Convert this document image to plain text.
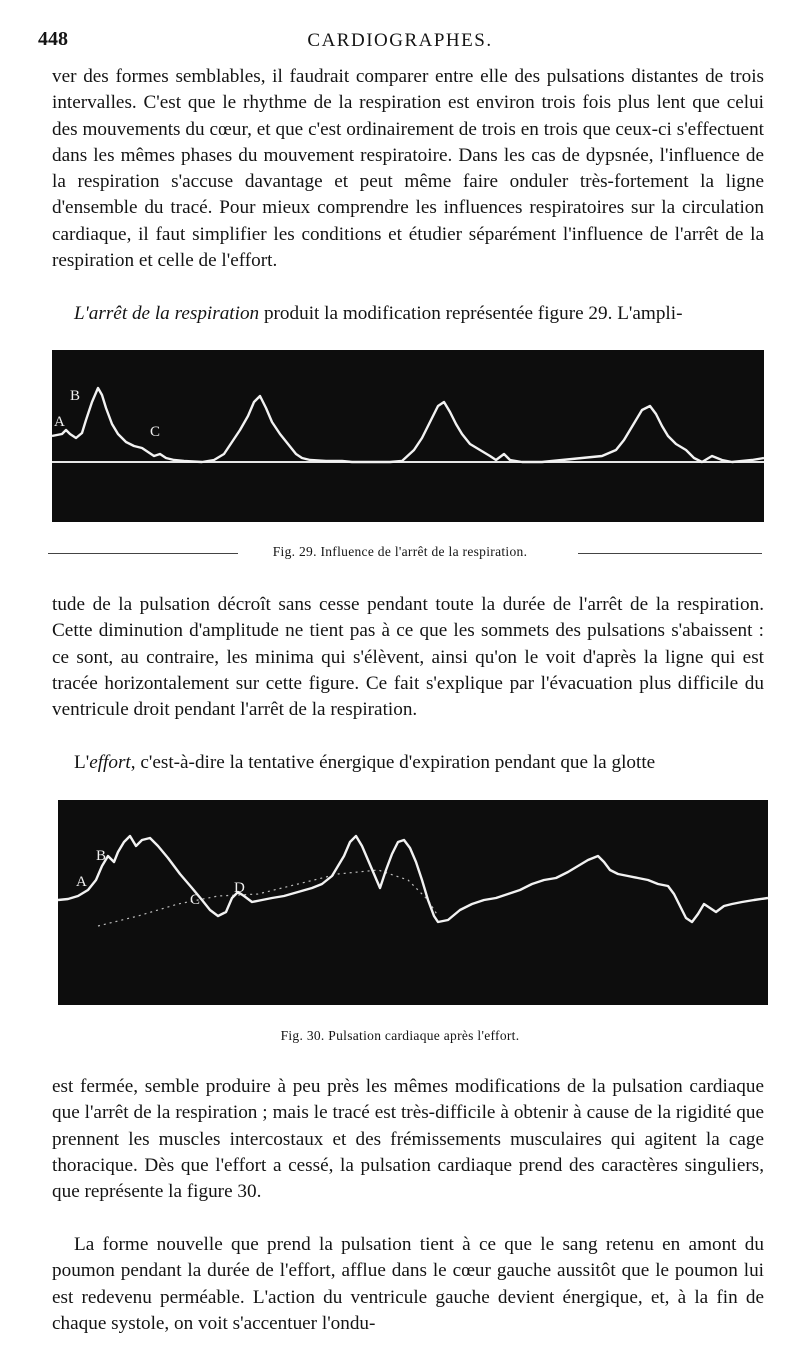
448	CARDIOGRAPHES.

ver des formes semblables, il faudrait comparer entre elle des pulsations distantes de trois intervalles. C'est que le rhythme de la respiration est environ trois fois plus lent que celui des mouvements du cœur, et que c'est ordinairement de trois en trois que ceux-ci s'effectuent dans les mêmes phases du mouvement respiratoire. Dans les cas de dypsnée, l'influence de la respiration s'accuse davantage et peut même faire onduler très-fortement la ligne d'ensemble du tracé. Pour mieux comprendre les influences respiratoires sur la circulation cardiaque, il faut simplifier les conditions et étudier séparément l'influence de l'arrêt de la respiration et celle de l'effort.

L'arrêt de la respiration produit la modification représentée figure 29. L'ampli-

A
B
C
Fig. 29. Influence de l'arrêt de la respiration.

tude de la pulsation décroît sans cesse pendant toute la durée de l'arrêt de la respiration. Cette diminution d'amplitude ne tient pas à ce que les sommets des pulsations s'abaissent : ce sont, au contraire, les minima qui s'élèvent, ainsi qu'on le voit d'après la ligne qui est tracée horizontalement sur cette figure. Ce fait s'explique par l'évacuation plus difficile du ventricule droit pendant l'arrêt de la respiration.

L'effort, c'est-à-dire la tentative énergique d'expiration pendant que la glotte

A
B
C
D
Fig. 30. Pulsation cardiaque après l'effort.

est fermée, semble produire à peu près les mêmes modifications de la pulsation cardiaque que l'arrêt de la respiration ; mais le tracé est très-difficile à obtenir à cause de la rigidité que prennent les muscles intercostaux et des frémissements musculaires qui agitent la cage thoracique. Dès que l'effort a cessé, la pulsation cardiaque prend des caractères singuliers, que représente la figure 30.

La forme nouvelle que prend la pulsation tient à ce que le sang retenu en amont du poumon pendant la durée de l'effort, afflue dans le cœur gauche aussitôt que le poumon lui est redevenu perméable. L'action du ventricule gauche devient énergique, et, à la fin de chaque systole, on voit s'accentuer l'ondu-
